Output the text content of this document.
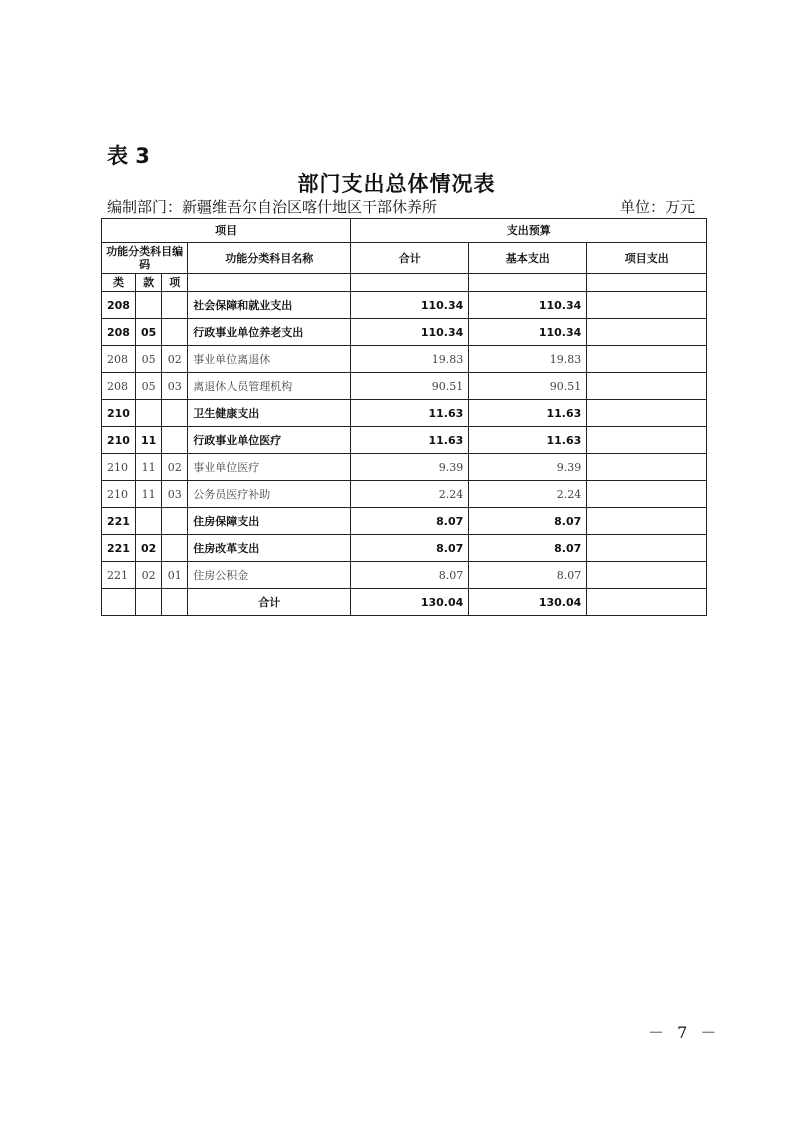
表 3
部门支出总体情况表
编制部门：新疆维吾尔自治区喀什地区干部休养所	单位：万元
项目				支出预算		
功能分类科目编码			功能分类科目名称	合计	基本支出	项目支出
类	款	项				
208			社会保障和就业支出	110.34	110.34	
208	05		行政事业单位养老支出	110.34	110.34	
208	05	02	事业单位离退休	19.83	19.83	
208	05	03	离退休人员管理机构	90.51	90.51	
210			卫生健康支出	11.63	11.63	
210	11		行政事业单位医疗	11.63	11.63	
210	11	02	事业单位医疗	9.39	9.39	
210	11	03	公务员医疗补助	2.24	2.24	
221			住房保障支出	8.07	8.07	
221	02		住房改革支出	8.07	8.07	
221	02	01	住房公积金	8.07	8.07	
			合计	130.04	130.04	
－ 7 －
